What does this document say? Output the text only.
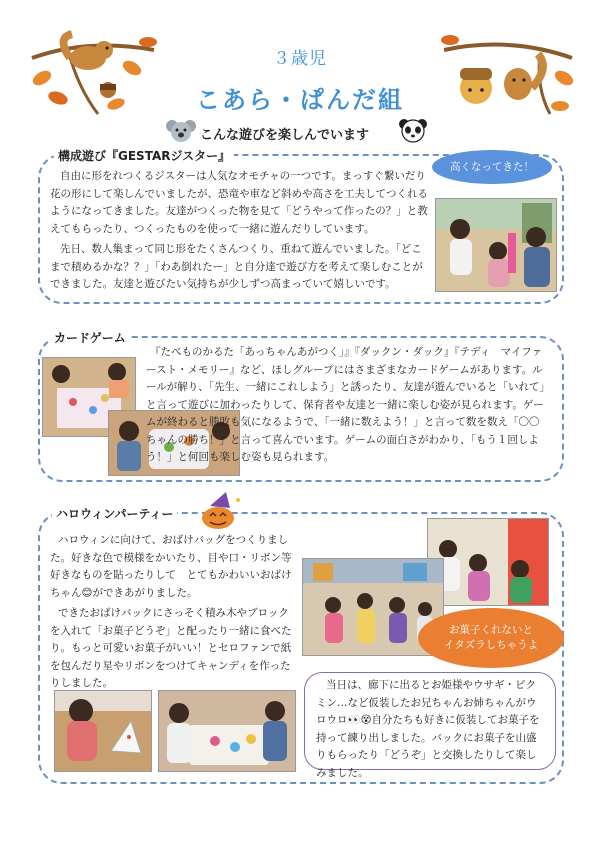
３歳児
こあら・ぱんだ組
こんな遊びを楽しんでいます
構成遊び『GESTARジスター』
自由に形をれつくるジスターは人気なオモチャの一つです。まっすぐ繋いだり花の形にして楽しんでいましたが、恐竜や車など斜めや高さを工夫してつくれるようになってきました。友達がつくった物を見て「どうやって作ったの？」と教えてもらったり、つくったものを使って一緒に遊んだりしています。
先日、数人集まって同じ形をたくさんつくり、重ねて遊んでいました。「どこまで積めるかな？？」「わあ倒れたー」と自分達で遊び方を考えて楽しむことができました。友達と遊びたい気持ちが少しずつ高まっていて嬉しいです。
高くなってきた！
カードゲーム
『たべものかるた「あっちゃんあがつく」』『ダックン・ダック』『テディ　マイファースト・メモリー』など、ほしグループにはさまざまなカードゲームがあります。ルールが解り、「先生、一緒にこれしよう」と誘ったり、友達が遊んでいると「いれて」と言って遊びに加わったりして、保育者や友達と一緒に楽しむ姿が見られます。ゲームが終わると勝敗も気になるようで、「一緒に数えよう！」と言って数を数え「〇〇ちゃんの勝ち！」と言って喜んでいます。ゲームの面白さがわかり、「もう１回しよう！」と何回も楽しむ姿も見られます。
ハロウィンパーティー
ハロウィンに向けて、おばけバッグをつくりました。好きな色で模様をかいたり、目や口・リボン等好きなものを貼ったりして　とてもかわいいおばけちゃん😊ができあがりました。
できたおばけバックにさっそく積み木やブロックを入れて「お菓子どうぞ」と配ったり一緒に食べたり。もっと可愛いお菓子がいい！とセロファンで紙を包んだり星やリボンをつけてキャンディを作ったりしました。
お菓子くれないと
イタズラしちゃうよ
当日は、廊下に出るとお姫様やウサギ・ピクミン…など仮装したお兄ちゃんお姉ちゃんがウロウロ👀😵自分たちも好きに仮装してお菓子を持って練り出しました。バックにお菓子を山盛りもらったり「どうぞ」と交換したりして楽しみました。
